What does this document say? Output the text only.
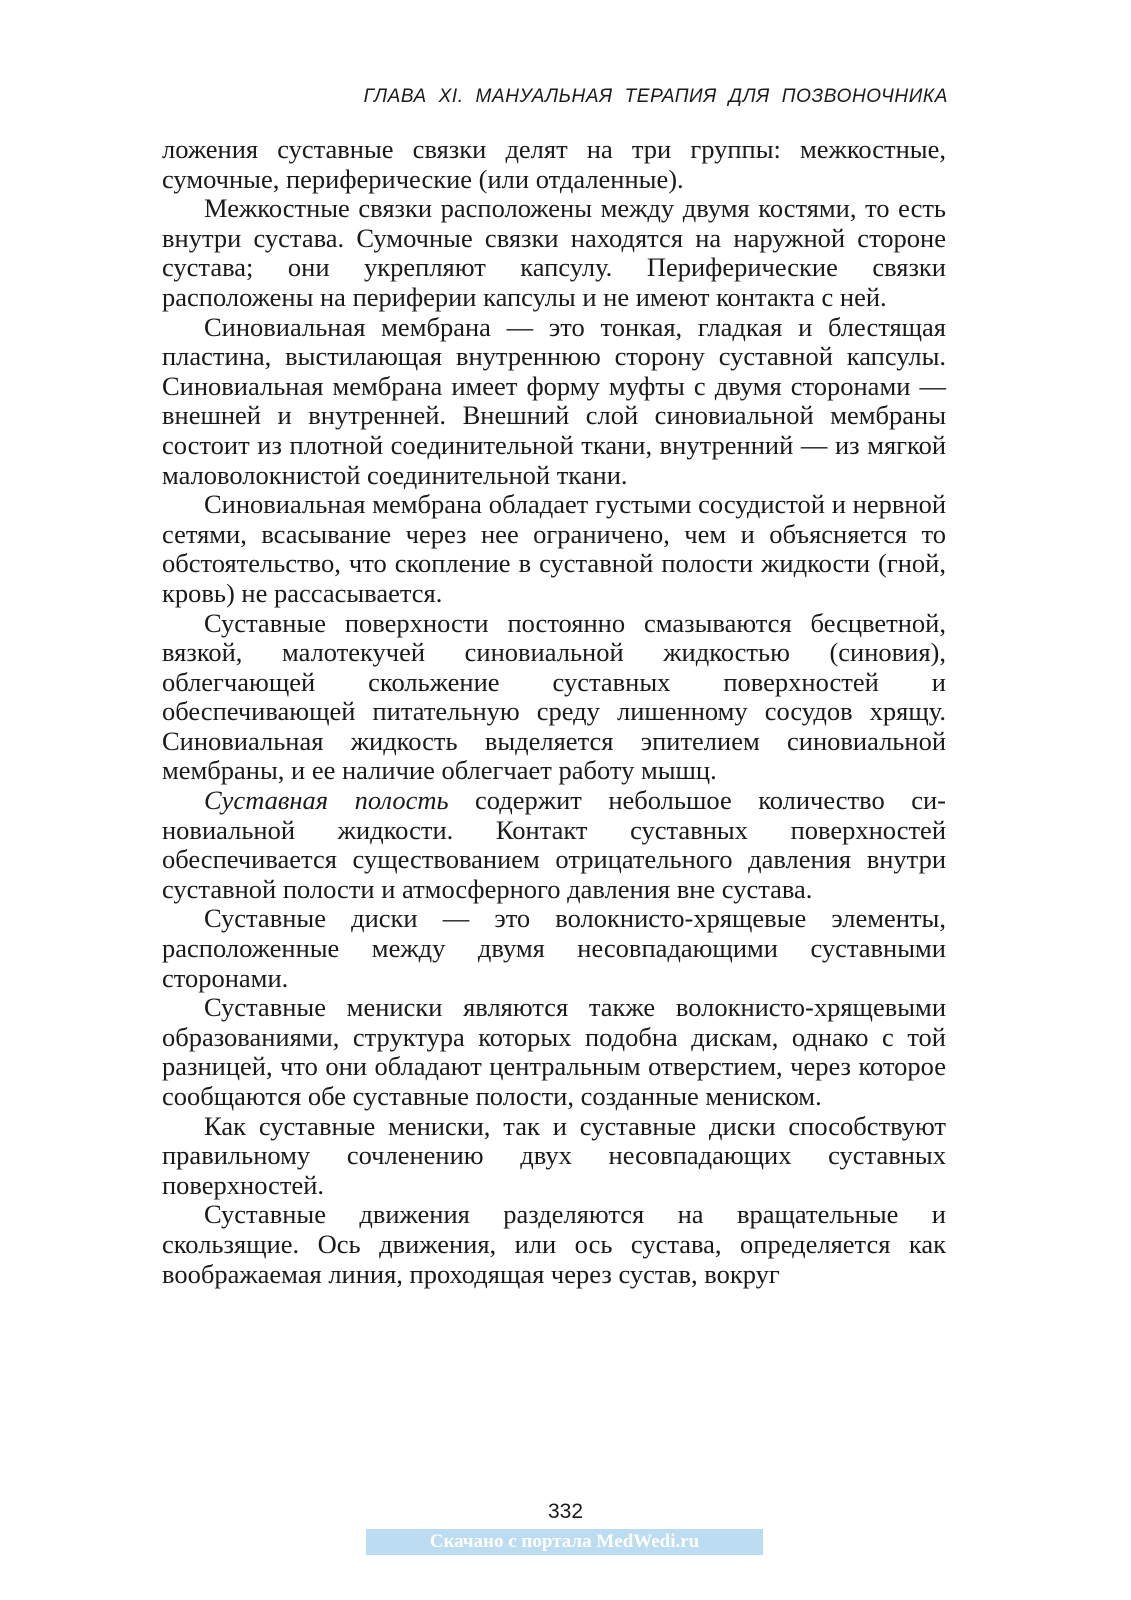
ГЛАВА XI. МАНУАЛЬНАЯ ТЕРАПИЯ ДЛЯ ПОЗВОНОЧНИКА

ложения суставные связки делят на три группы: межкостные, сумочные, периферические (или отдаленные).

Межкостные связки расположены между двумя костями, то есть внутри сустава. Сумочные связки находятся на наружной стороне сустава; они укрепляют капсулу. Периферические связки расположены на периферии капсулы и не имеют контакта с ней.

Синовиальная мембрана — это тонкая, гладкая и блестящая пластина, выстилающая внутреннюю сторону суставной капсулы. Синовиальная мембрана имеет форму муфты с двумя сторонами — внешней и внутренней. Внешний слой синовиальной мембраны состоит из плотной соединительной ткани, внутренний — из мягкой маловолокнистой соединительной ткани.

Синовиальная мембрана обладает густыми сосудистой и нервной сетями, всасывание через нее ограничено, чем и объясняется то обстоятельство, что скопление в суставной полости жидкости (гной, кровь) не рассасывается.

Суставные поверхности постоянно смазываются бесцветной, вязкой, малотекучей синовиальной жидкостью (синовия), облегчающей скольжение суставных поверхностей и обеспечивающей питательную среду лишенному сосудов хрящу. Синовиальная жидкость выделяется эпителием синовиальной мембраны, и ее наличие облегчает работу мышц.

Суставная полость содержит небольшое количество синовиальной жидкости. Контакт суставных поверхностей обеспечивается существованием отрицательного давления внутри суставной полости и атмосферного давления вне сустава.

Суставные диски — это волокнисто-хрящевые элементы, расположенные между двумя несовпадающими суставными сторонами.

Суставные мениски являются также волокнисто-хрящевыми образованиями, структура которых подобна дискам, однако с той разницей, что они обладают центральным отверстием, через которое сообщаются обе суставные полости, созданные мениском.

Как суставные мениски, так и суставные диски способствуют правильному сочленению двух несовпадающих суставных поверхностей.

Суставные движения разделяются на вращательные и скользящие. Ось движения, или ось сустава, определяется как воображаемая линия, проходящая через сустав, вокруг

332
Скачано с портала MedWedi.ru
